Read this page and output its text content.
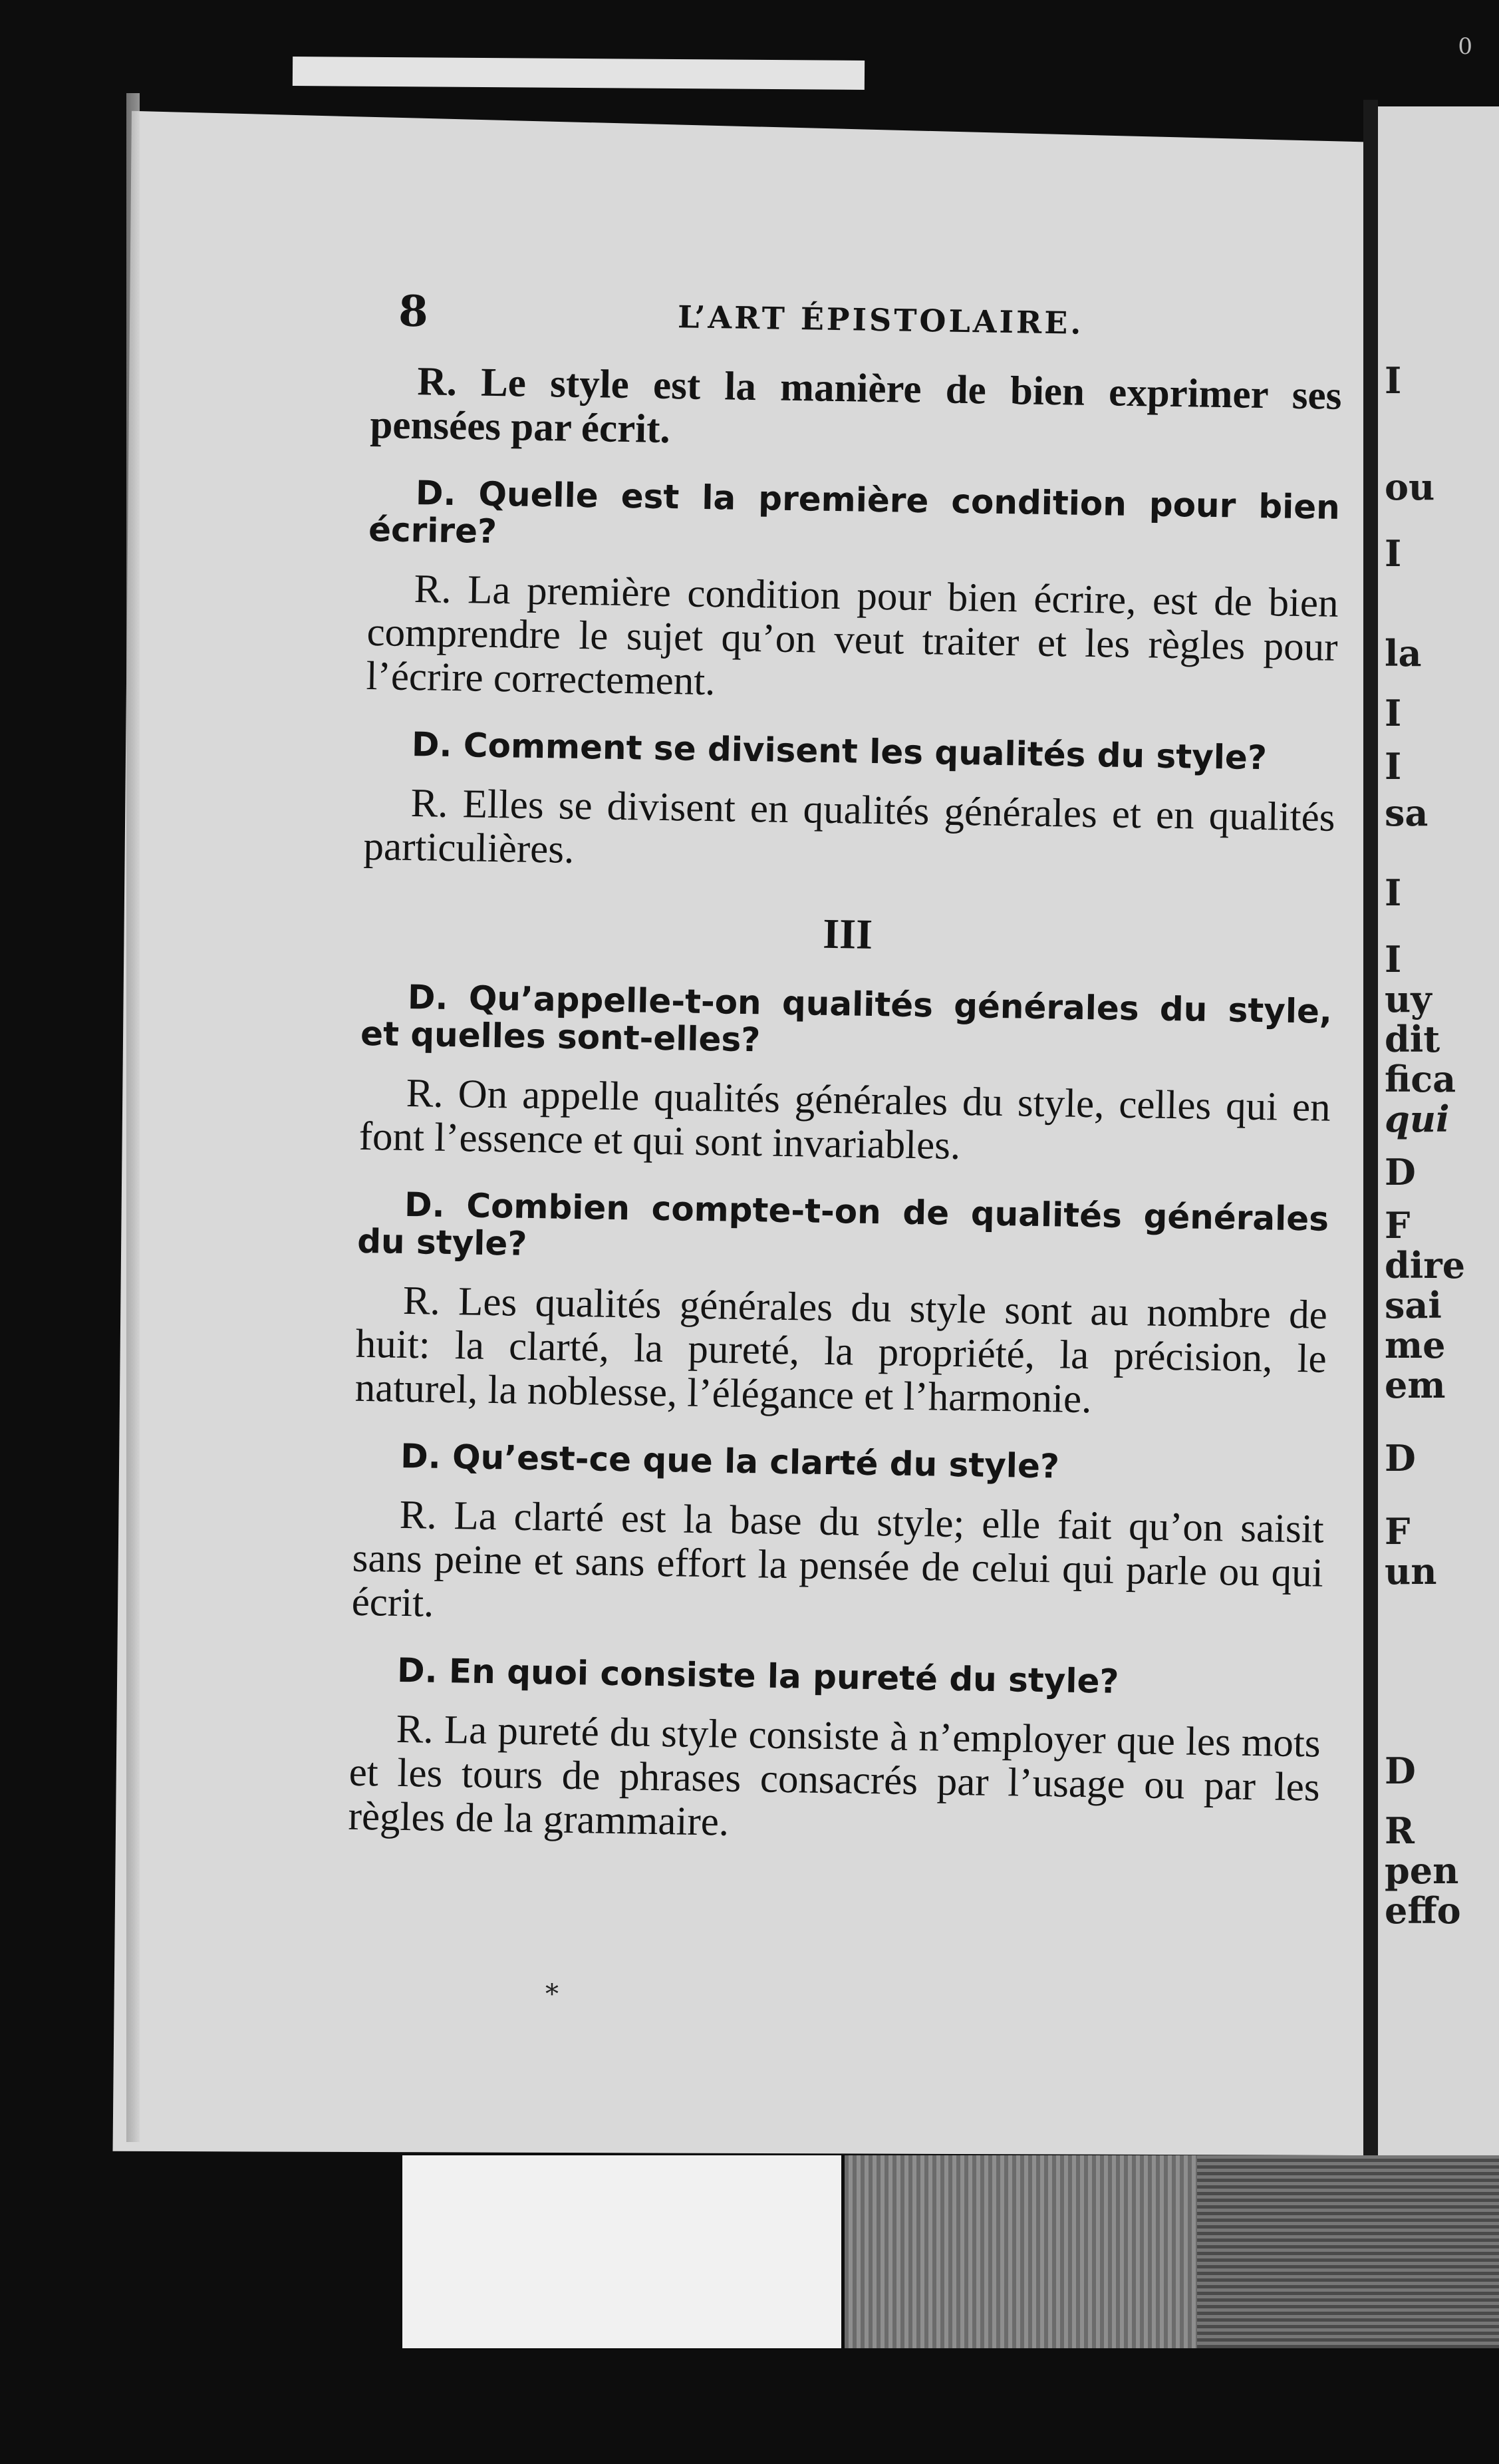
0
I
ou
I
la
I
I
sa
I
I
uy
dit
fica
qui
D
F
dire
sai
me
em
D
F
un
D
R
pen
effo
8	L’ART ÉPISTOLAIRE.

R. Le style est la manière de bien exprimer ses pensées par écrit.

D. Quelle est la première condition pour bien écrire?

R. La première condition pour bien écrire, est de bien comprendre le sujet qu’on veut traiter et les règles pour l’écrire correctement.

D. Comment se divisent les qualités du style?

R. Elles se divisent en qualités générales et en qualités particulières.

III

D. Qu’appelle-t-on qualités générales du style, et quelles sont-elles?

R. On appelle qualités générales du style, celles qui en font l’essence et qui sont invariables.

D. Combien compte-t-on de qualités générales du style?

R. Les qualités générales du style sont au nombre de huit: la clarté, la pureté, la propriété, la précision, le naturel, la noblesse, l’élégance et l’harmonie.

D. Qu’est-ce que la clarté du style?

R. La clarté est la base du style; elle fait qu’on saisit sans peine et sans effort la pensée de celui qui parle ou qui écrit.

D. En quoi consiste la pureté du style?

R. La pureté du style consiste à n’employer que les mots et les tours de phrases consacrés par l’usage ou par les règles de la grammaire.

*
